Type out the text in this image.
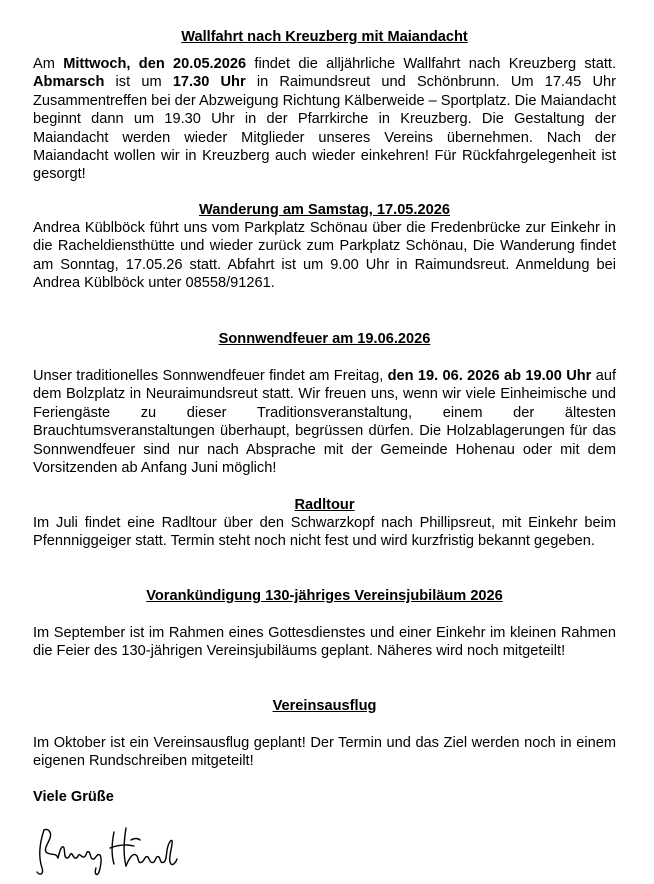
Wallfahrt nach Kreuzberg mit Maiandacht
Am Mittwoch, den 20.05.2026 findet die alljährliche Wallfahrt nach Kreuzberg statt. Abmarsch ist um 17.30 Uhr in Raimundsreut und Schönbrunn. Um 17.45 Uhr Zusammentreffen bei der Abzweigung Richtung Kälberweide – Sportplatz. Die Maiandacht beginnt dann um 19.30 Uhr in der Pfarrkirche in Kreuzberg. Die Gestaltung der Maiandacht werden wieder Mitglieder unseres Vereins übernehmen. Nach der Maiandacht wollen wir in Kreuzberg auch wieder einkehren! Für Rückfahrgelegenheit ist gesorgt!
Wanderung am Samstag, 17.05.2026
Andrea Küblböck führt uns vom Parkplatz Schönau über die Fredenbrücke zur Einkehr in die Racheldiensthütte und wieder zurück zum Parkplatz Schönau, Die Wanderung findet am Sonntag, 17.05.26 statt. Abfahrt ist um 9.00 Uhr in Raimundsreut. Anmeldung bei Andrea Küblböck unter 08558/91261.
Sonnwendfeuer am 19.06.2026
Unser traditionelles Sonnwendfeuer findet am Freitag, den 19. 06. 2026 ab 19.00 Uhr auf dem Bolzplatz in Neuraimundsreut statt. Wir freuen uns, wenn wir viele Einheimische und Feriengäste zu dieser Traditionsveranstaltung, einem der ältesten Brauchtumsveranstaltungen überhaupt, begrüssen dürfen. Die Holzablagerungen für das Sonnwendfeuer sind nur nach Absprache mit der Gemeinde Hohenau oder mit dem Vorsitzenden ab Anfang Juni möglich!
Radltour
Im Juli findet eine Radltour über den Schwarzkopf nach Phillipsreut, mit Einkehr beim Pfennniggeiger statt. Termin steht noch nicht fest und wird kurzfristig bekannt gegeben.
Vorankündigung 130-jähriges Vereinsjubiläum 2026
Im September ist im Rahmen eines Gottesdienstes und einer Einkehr im kleinen Rahmen die Feier des 130-jährigen Vereinsjubiläums geplant. Näheres wird noch mitgeteilt!
Vereinsausflug
Im Oktober ist ein Vereinsausflug geplant! Der Termin und das Ziel werden noch in einem eigenen Rundschreiben mitgeteilt!
Viele Grüße
